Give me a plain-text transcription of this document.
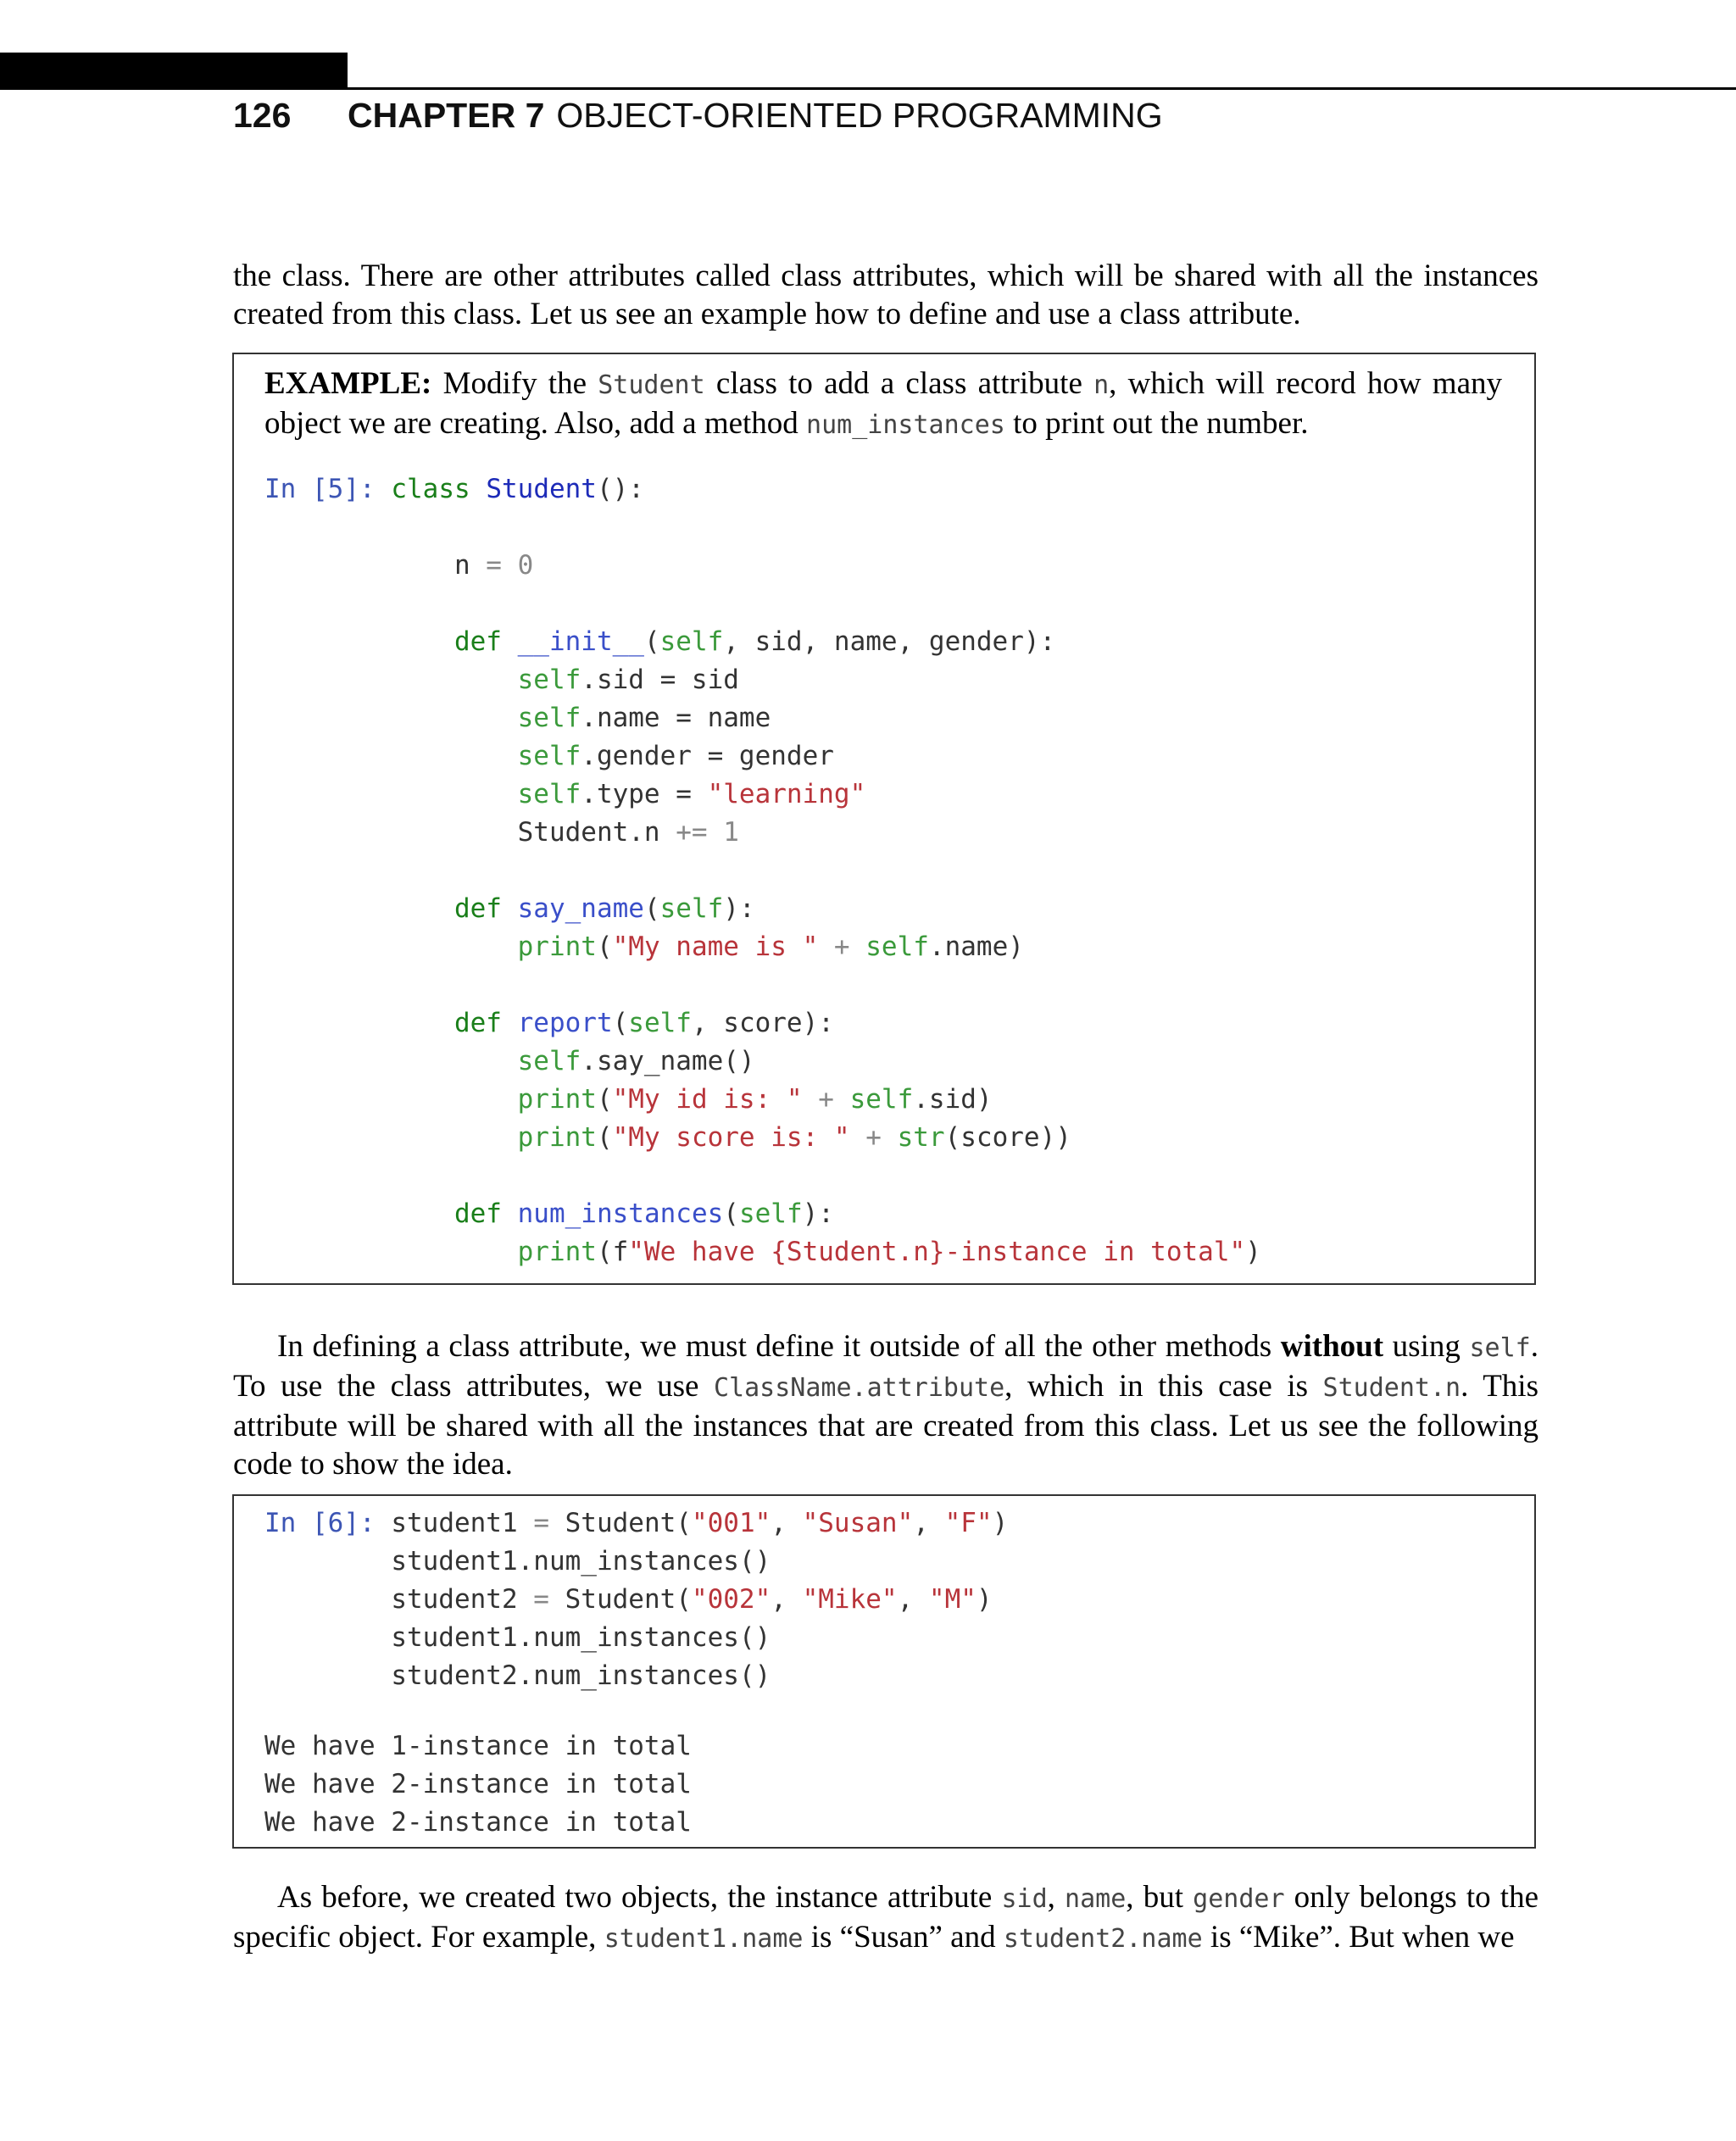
126 CHAPTER 7 OBJECT-ORIENTED PROGRAMMING

the class. There are other attributes called class attributes, which will be shared with all the instances created from this class. Let us see an example how to define and use a class attribute.

EXAMPLE: Modify the Student class to add a class attribute n, which will record how many object we are creating. Also, add a method num_instances to print out the number.
In [5]: class Student():

n = 0

def __init__(self, sid, name, gender):
self.sid = sid
self.name = name
self.gender = gender
self.type = "learning"
Student.n += 1

def say_name(self):
print("My name is " + self.name)

def report(self, score):
self.say_name()
print("My id is: " + self.sid)
print("My score is: " + str(score))

def num_instances(self):
print(f"We have {Student.n}-instance in total")

In defining a class attribute, we must define it outside of all the other methods without using self. To use the class attributes, we use ClassName.attribute, which in this case is Student.n. This attribute will be shared with all the instances that are created from this class. Let us see the following code to show the idea.

In [6]: student1 = Student("001", "Susan", "F")
student1.num_instances()
student2 = Student("002", "Mike", "M")
student1.num_instances()
student2.num_instances()
We have 1-instance in total
We have 2-instance in total
We have 2-instance in total

As before, we created two objects, the instance attribute sid, name, but gender only belongs to the specific object. For example, student1.name is “Susan” and student2.name is “Mike”. But when we
